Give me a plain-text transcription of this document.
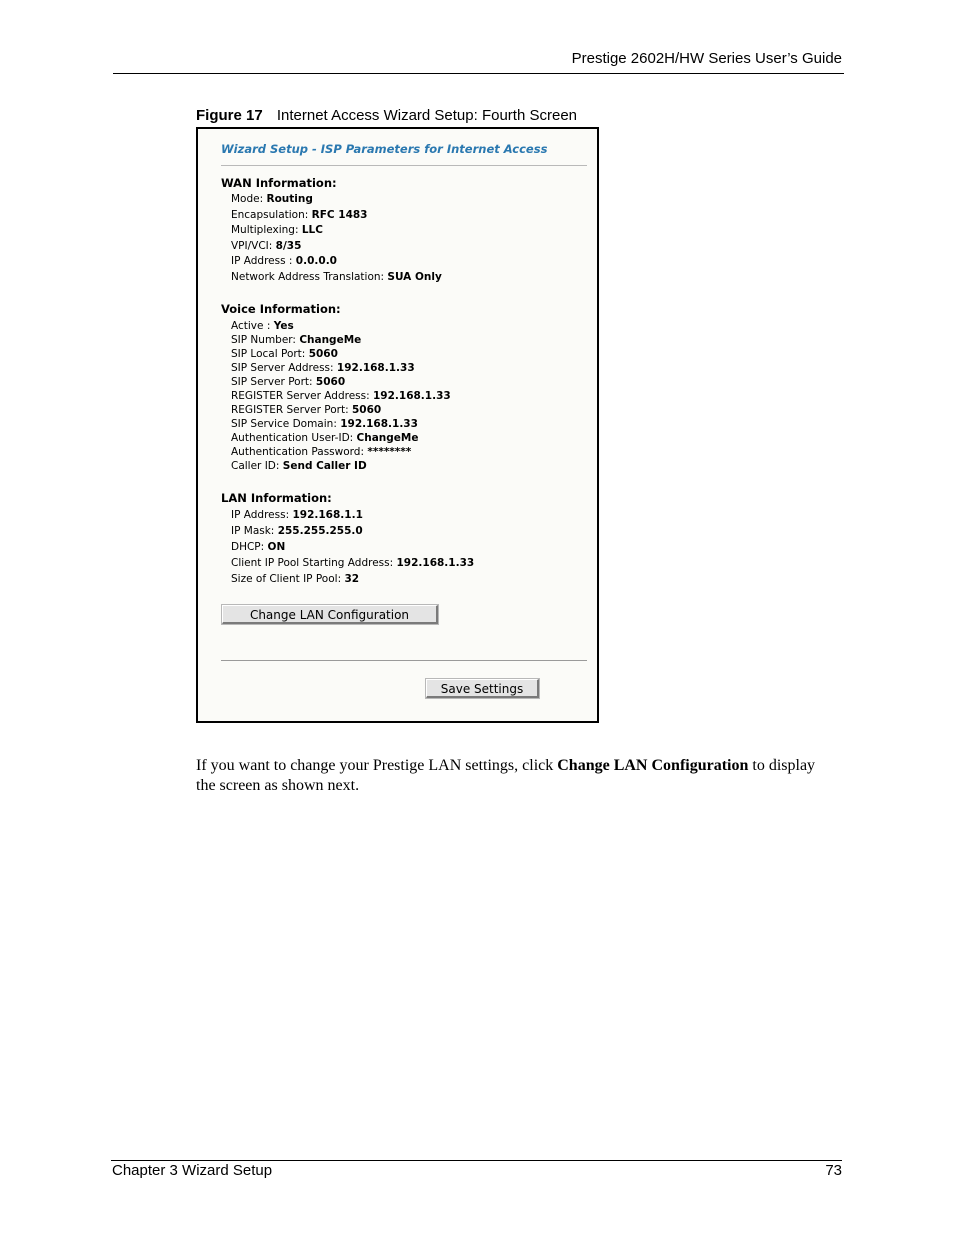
Prestige 2602H/HW Series User’s Guide
Figure 17 Internet Access Wizard Setup: Fourth Screen
Wizard Setup - ISP Parameters for Internet Access
WAN Information:
Mode: Routing
Encapsulation: RFC 1483
Multiplexing: LLC
VPI/VCI: 8/35
IP Address : 0.0.0.0
Network Address Translation: SUA Only
Voice Information:
Active : Yes
SIP Number: ChangeMe
SIP Local Port: 5060
SIP Server Address: 192.168.1.33
SIP Server Port: 5060
REGISTER Server Address: 192.168.1.33
REGISTER Server Port: 5060
SIP Service Domain: 192.168.1.33
Authentication User-ID: ChangeMe
Authentication Password: ********
Caller ID: Send Caller ID
LAN Information:
IP Address: 192.168.1.1
IP Mask: 255.255.255.0
DHCP: ON
Client IP Pool Starting Address: 192.168.1.33
Size of Client IP Pool: 32
Change LAN Configuration
Save Settings

If you want to change your Prestige LAN settings, click Change LAN Configuration to display the screen as shown next.

Chapter 3 Wizard Setup	73
